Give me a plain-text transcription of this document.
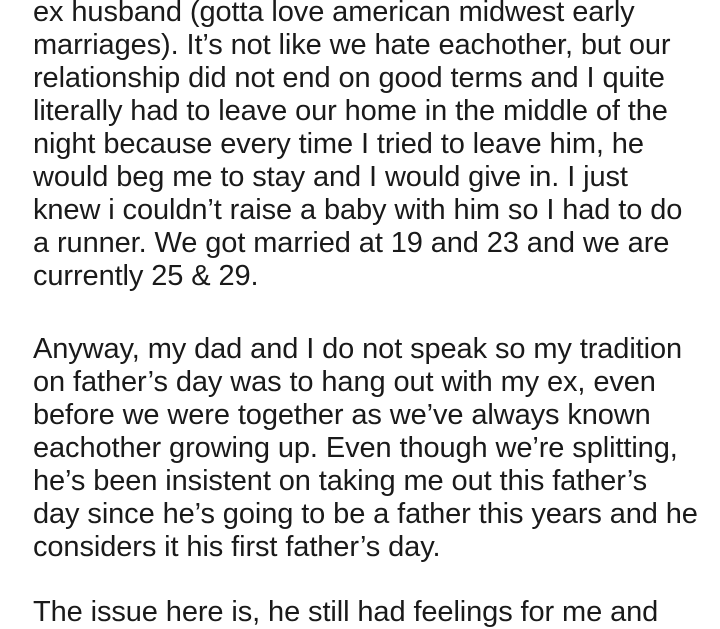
ex husband (gotta love american midwest early
marriages). It’s not like we hate eachother, but our
relationship did not end on good terms and I quite
literally had to leave our home in the middle of the
night because every time I tried to leave him, he
would beg me to stay and I would give in. I just
knew i couldn’t raise a baby with him so I had to do
a runner. We got married at 19 and 23 and we are
currently 25 & 29.
Anyway, my dad and I do not speak so my tradition
on father’s day was to hang out with my ex, even
before we were together as we’ve always known
eachother growing up. Even though we’re splitting,
he’s been insistent on taking me out this father’s
day since he’s going to be a father this years and he
considers it his first father’s day.
The issue here is, he still had feelings for me and
